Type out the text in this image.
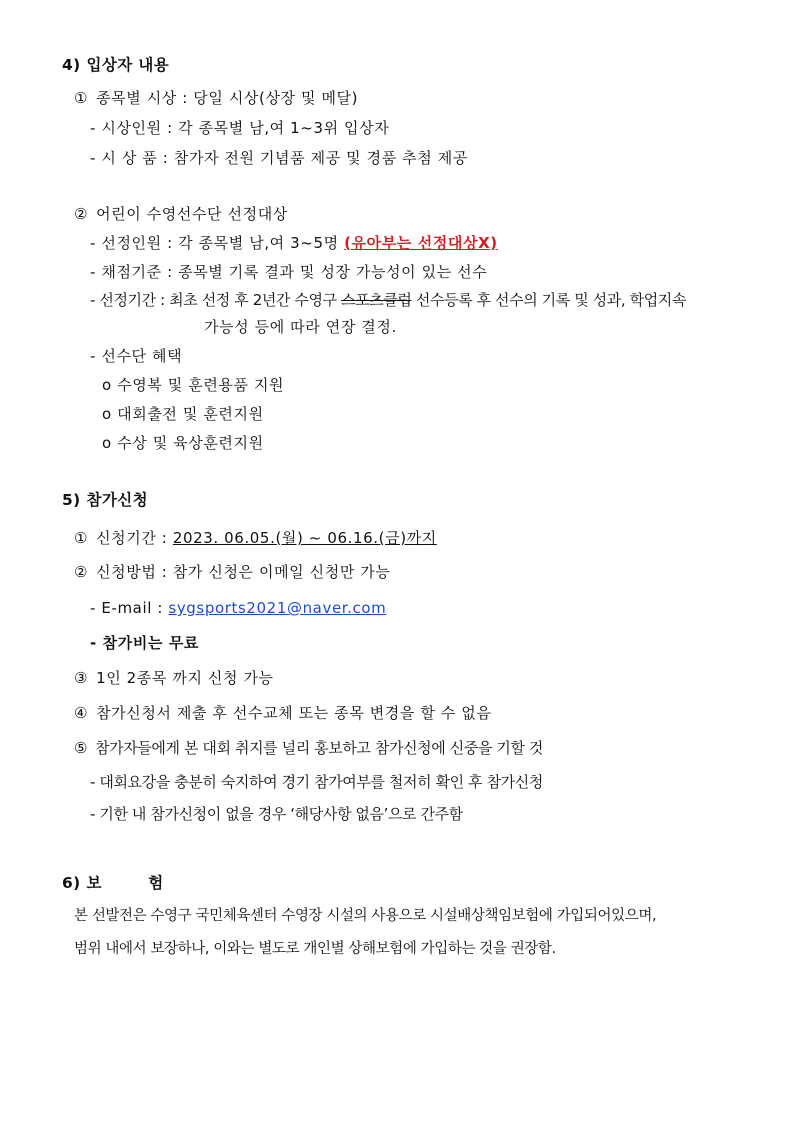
4) 입상자 내용
① 종목별 시상 : 당일 시상(상장 및 메달)
- 시상인원 : 각 종목별 남,여 1~3위 입상자
- 시 상 품 : 참가자 전원 기념품 제공 및 경품 추첨 제공
② 어린이 수영선수단 선정대상
- 선정인원 : 각 종목별 남,여 3~5명 (유아부는 선정대상X)
- 채점기준 : 종목별 기록 결과 및 성장 가능성이 있는 선수
- 선정기간 : 최초 선정 후 2년간 수영구 스포츠클럽 선수등록 후 선수의 기록 및 성과, 학업지속
가능성 등에 따라 연장 결정.
- 선수단 혜택
o 수영복 및 훈련용품 지원
o 대회출전 및 훈련지원
o 수상 및 육상훈련지원
5) 참가신청
① 신청기간 : 2023. 06.05.(월) ~ 06.16.(금)까지
② 신청방법 : 참가 신청은 이메일 신청만 가능
- E-mail : sygsports2021@naver.com
- 참가비는 무료
③ 1인 2종목 까지 신청 가능
④ 참가신청서 제출 후 선수교체 또는 종목 변경을 할 수 없음
⑤ 참가자들에게 본 대회 취지를 널리 홍보하고 참가신청에 신중을 기할 것
- 대회요강을 충분히 숙지하여 경기 참가여부를 철저히 확인 후 참가신청
- 기한 내 참가신청이 없을 경우 ‘해당사항 없음’으로 간주함
6) 보        험
본 선발전은 수영구 국민체육센터 수영장 시설의 사용으로 시설배상책임보험에 가입되어있으며,
범위 내에서 보장하나, 이와는 별도로 개인별 상해보험에 가입하는 것을 권장함.
